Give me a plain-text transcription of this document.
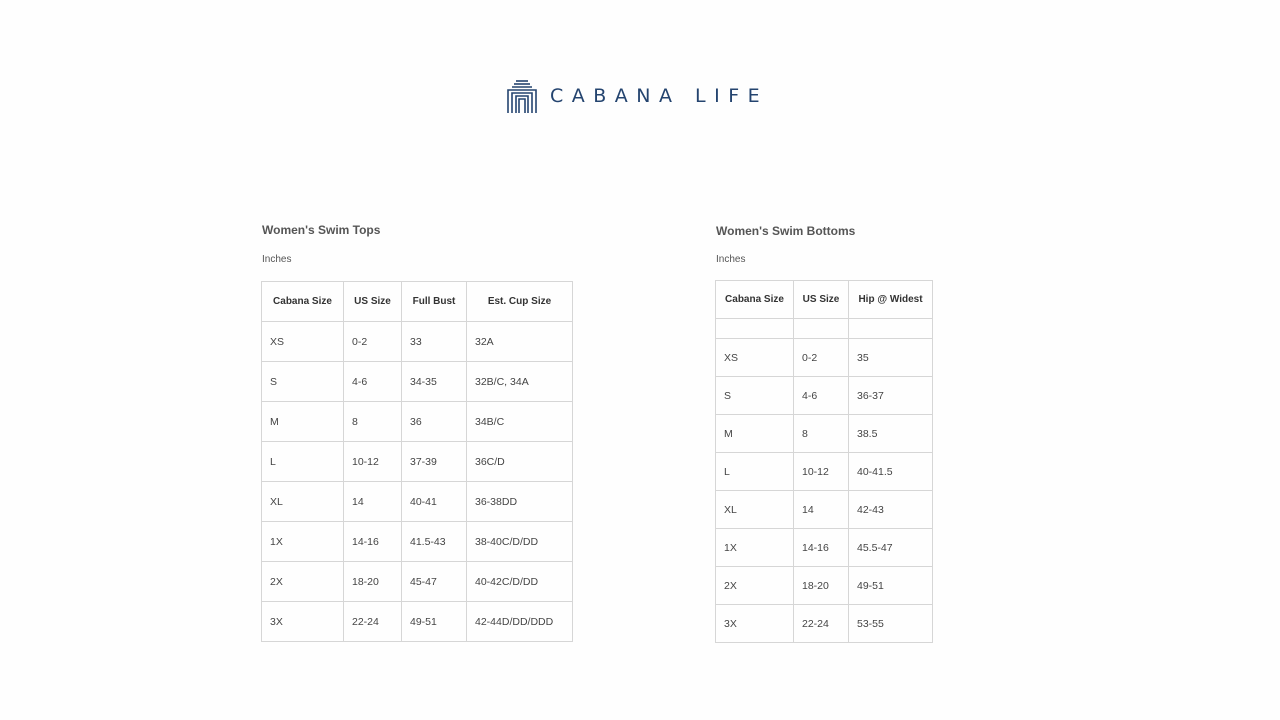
CABANA LIFE
Women's Swim Tops
Inches
Cabana Size	US Size	Full Bust	Est. Cup Size
XS	0-2	33	32A
S	4-6	34-35	32B/C, 34A
M	8	36	34B/C
L	10-12	37-39	36C/D
XL	14	40-41	36-38DD
1X	14-16	41.5-43	38-40C/D/DD
2X	18-20	45-47	40-42C/D/DD
3X	22-24	49-51	42-44D/DD/DDD
Women's Swim Bottoms
Inches
Cabana Size	US Size	Hip @ Widest

XS	0-2	35
S	4-6	36-37
M	8	38.5
L	10-12	40-41.5
XL	14	42-43
1X	14-16	45.5-47
2X	18-20	49-51
3X	22-24	53-55
